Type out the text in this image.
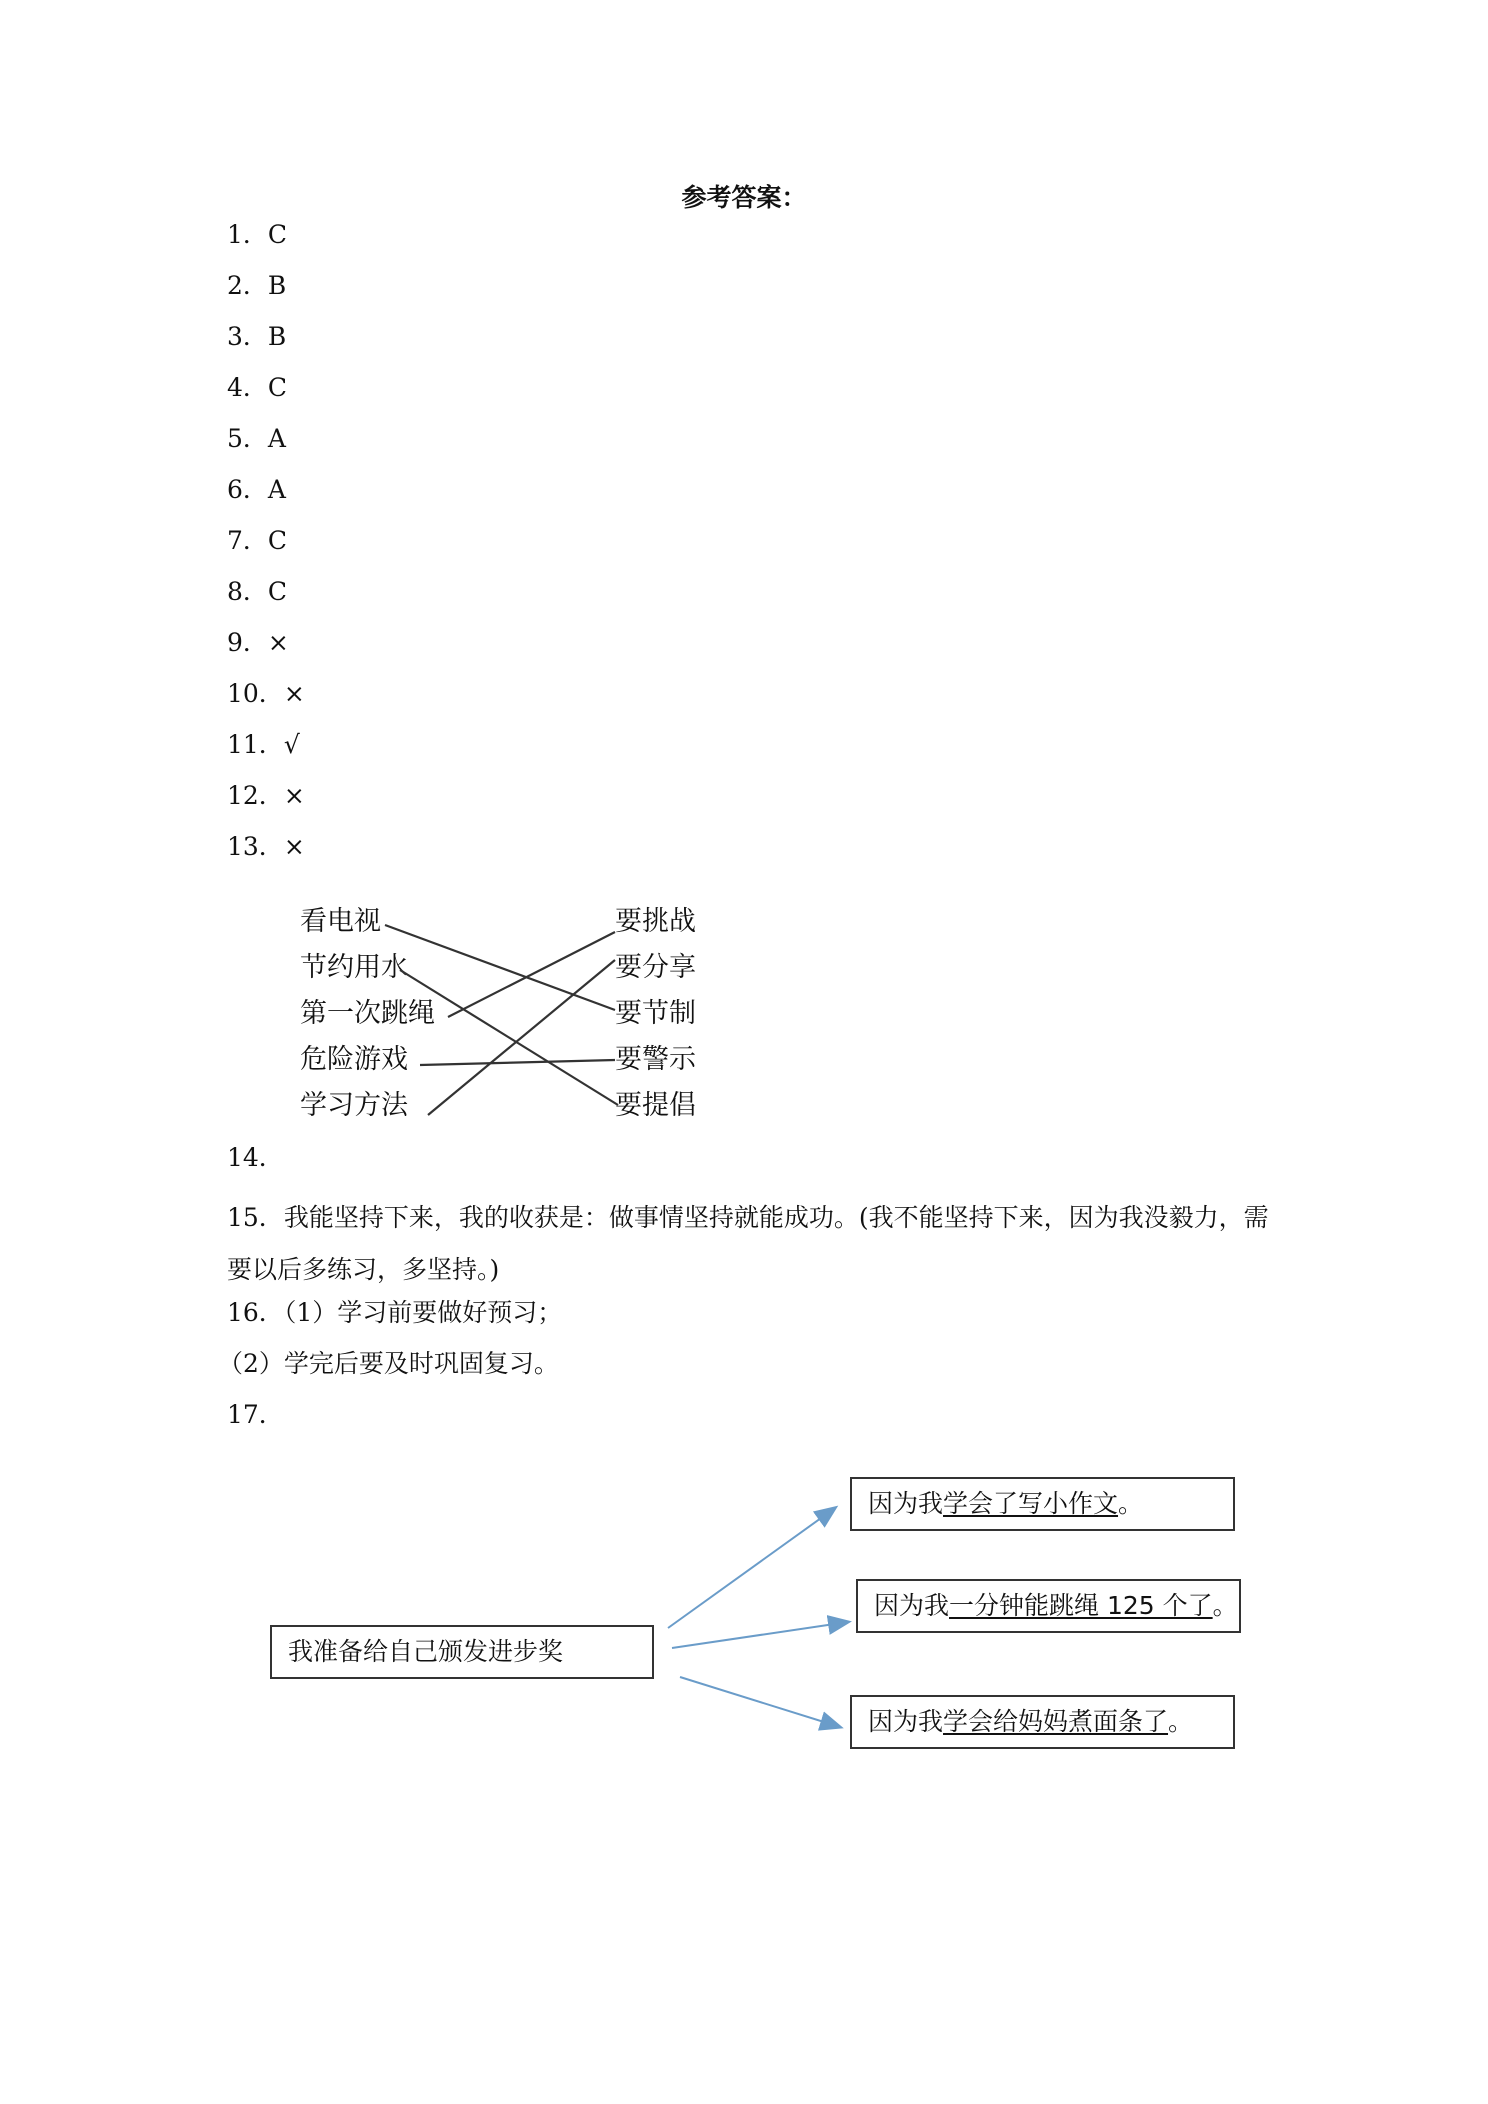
参考答案：
1．C
2．B
3．B
4．C
5．A
6．A
7．C
8．C
9．×
10．×
11．√
12．×
13．×
看电视
节约用水
第一次跳绳
危险游戏
学习方法
要挑战
要分享
要节制
要警示
要提倡
14．
15．我能坚持下来，我的收获是：做事情坚持就能成功。(我不能坚持下来，因为我没毅力，需要以后多练习，多坚持。)
16．（1）学习前要做好预习；
（2）学完后要及时巩固复习。
17．
我准备给自己颁发进步奖
因为我学会了写小作文。
因为我一分钟能跳绳 125 个了。
因为我学会给妈妈煮面条了。
